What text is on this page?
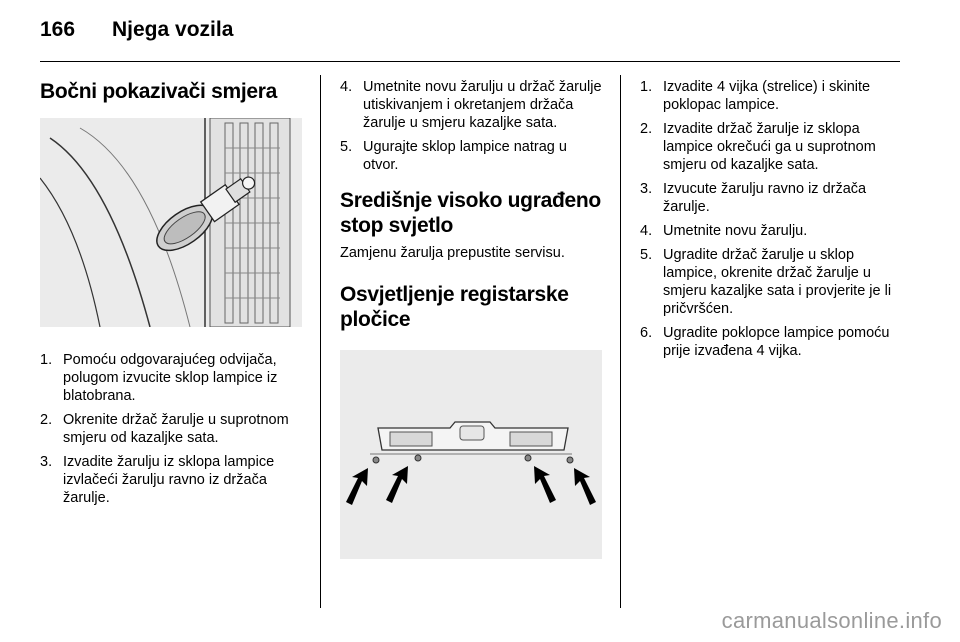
166	Njega vozila
Bočni pokazivači smjera
1. Pomoću odgovarajućeg odvijača, polugom izvucite sklop lampice iz blatobrana.
2. Okrenite držač žarulje u suprotnom smjeru od kazaljke sata.
3. Izvadite žarulju iz sklopa lampice izvlačeći žarulju ravno iz držača žarulje.
4. Umetnite novu žarulju u držač žarulje utiskivanjem i okretanjem držača žarulje u smjeru kazaljke sata.
5. Ugurajte sklop lampice natrag u otvor.
Središnje visoko ugrađeno stop svjetlo

Zamjenu žarulja prepustite servisu.

Osvjetljenje registarske pločice
1. Izvadite 4 vijka (strelice) i skinite poklopac lampice.
2. Izvadite držač žarulje iz sklopa lampice okrečući ga u suprotnom smjeru od kazaljke sata.
3. Izvucute žarulju ravno iz držača žarulje.
4. Umetnite novu žarulju.
5. Ugradite držač žarulje u sklop lampice, okrenite držač žarulje u smjeru kazaljke sata i provjerite je li pričvršćen.
6. Ugradite poklopce lampice pomoću prije izvađena 4 vijka.
carmanualsonline.info
